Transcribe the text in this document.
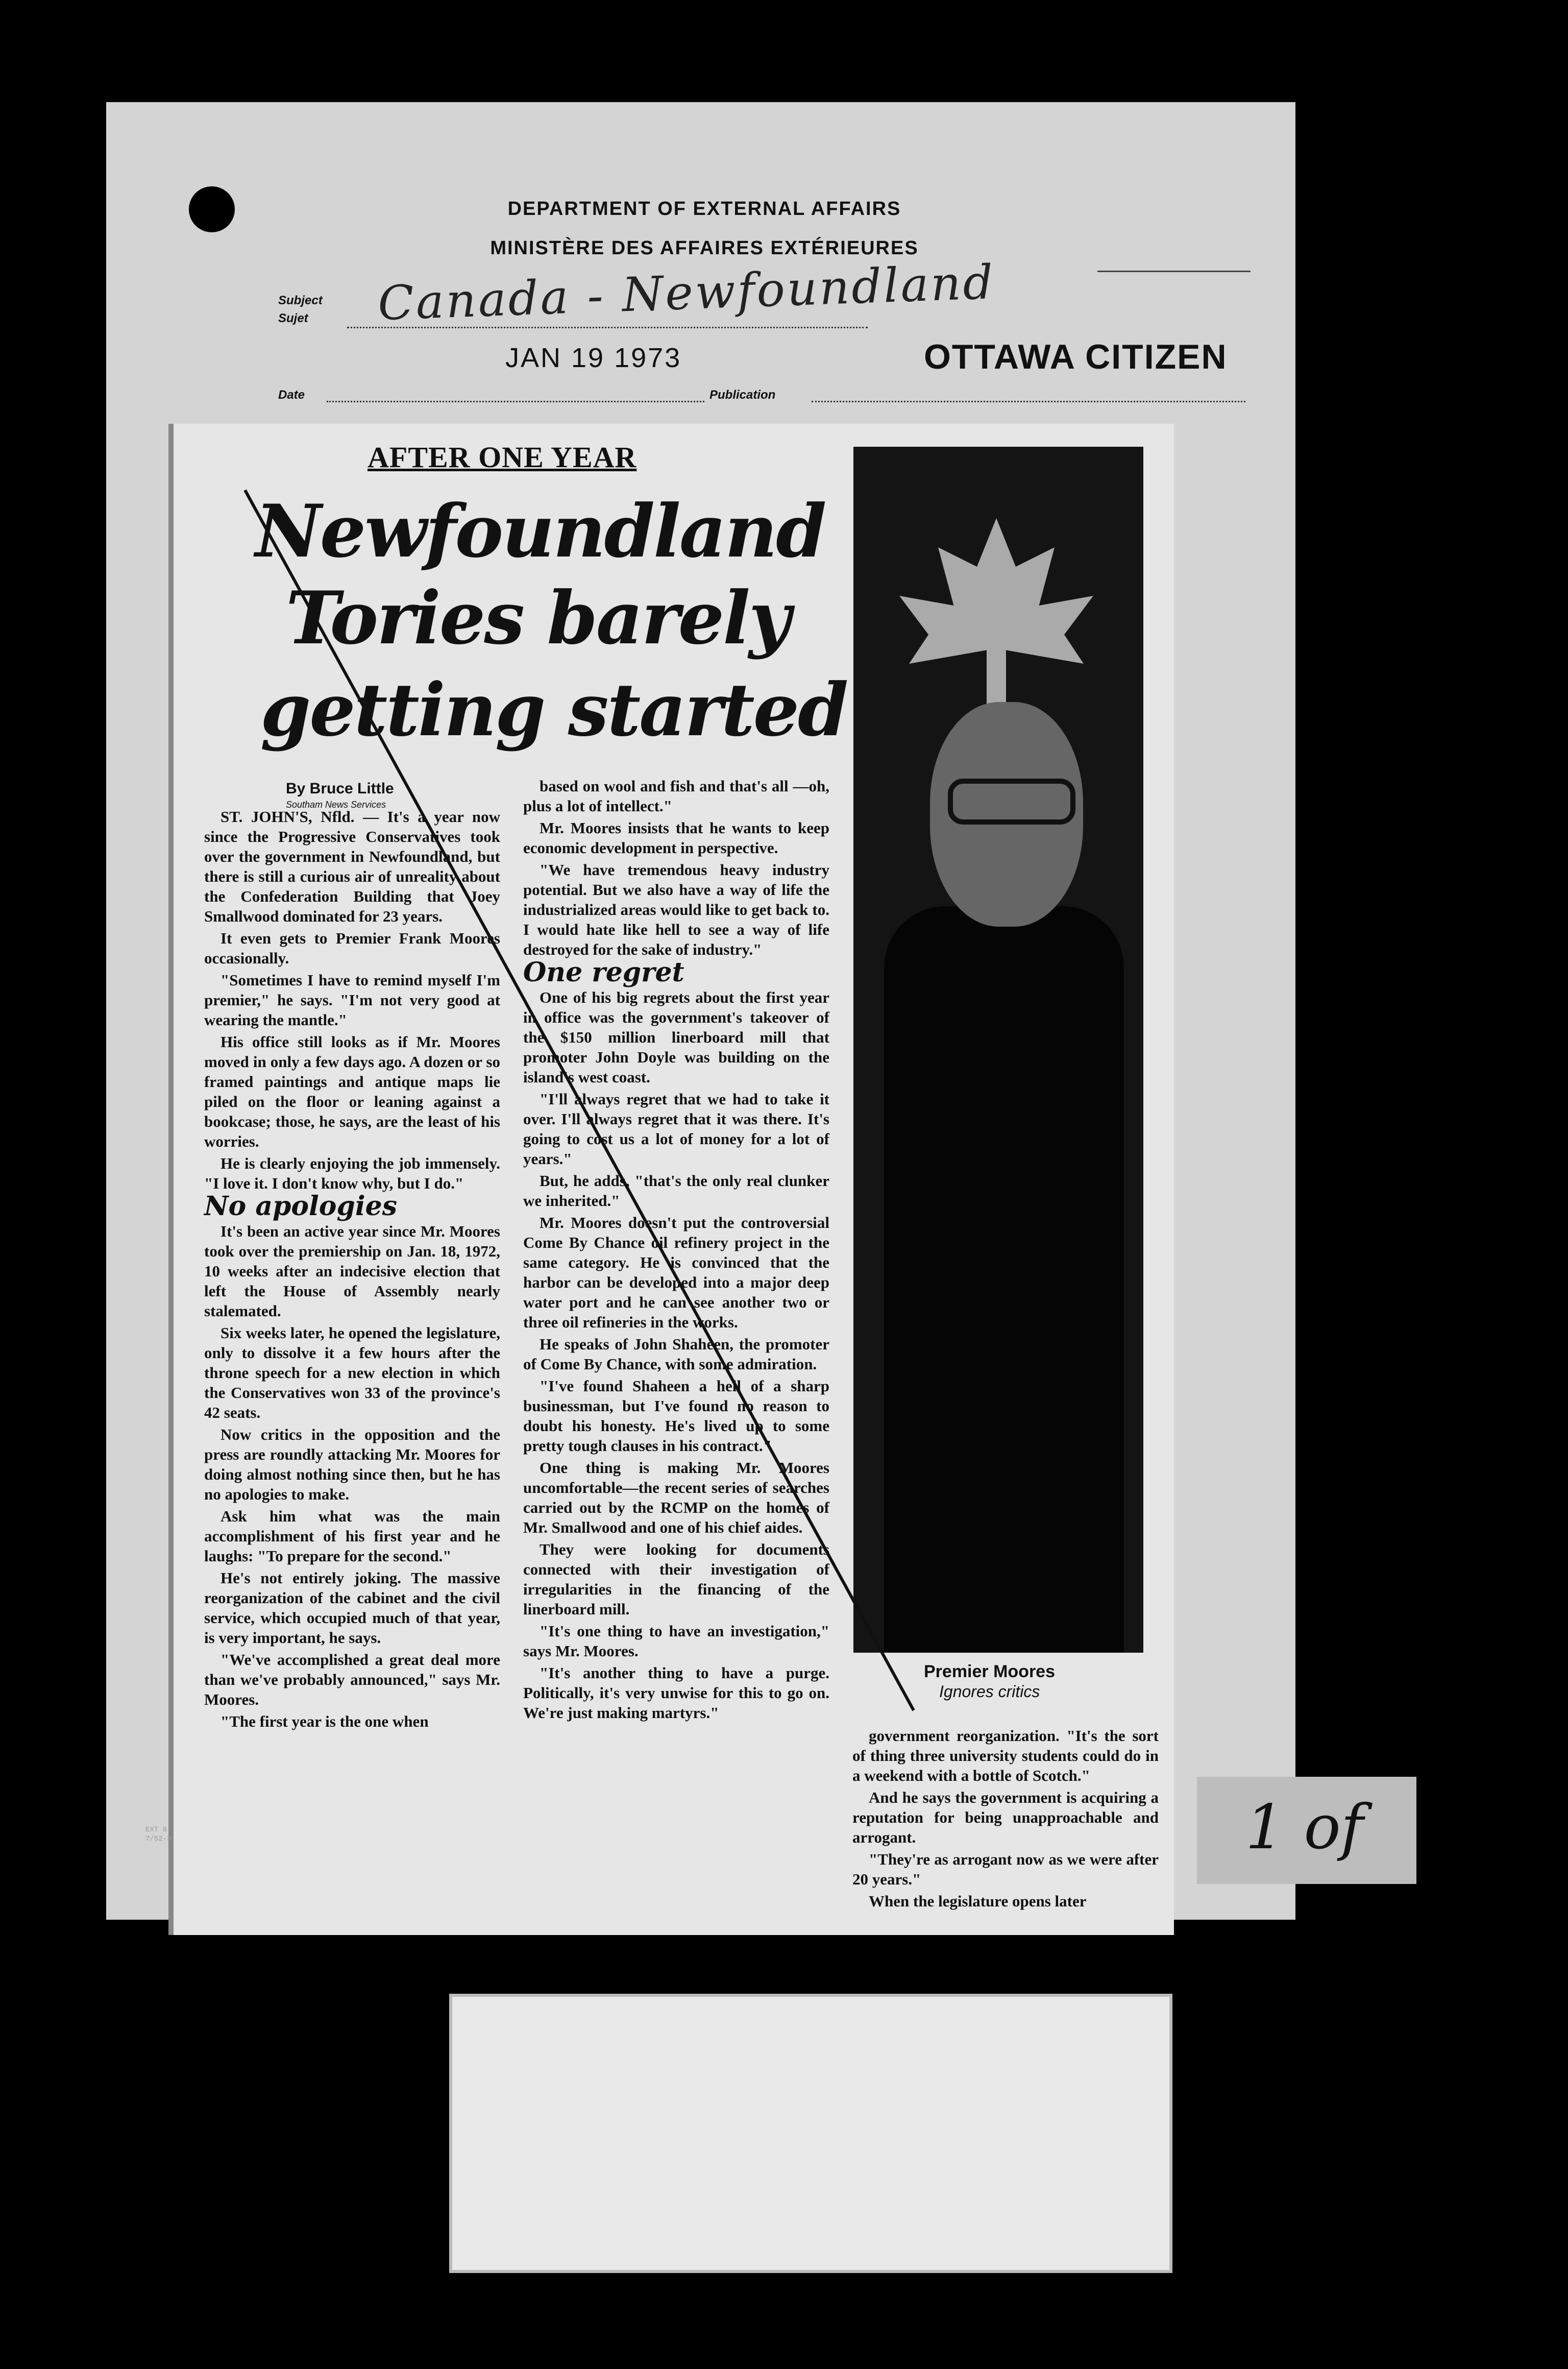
DEPARTMENT OF EXTERNAL AFFAIRS
MINISTÈRE DES AFFAIRES EXTÉRIEURES
Subject
Sujet Canada - Newfoundland
JAN 19 1973	OTTAWA CITIZEN
Date	Publication
AFTER ONE YEAR
Newfoundland
Tories barely
getting started
By Bruce Little
Southam News Services

ST. JOHN'S, Nfld. — It's a year now since the Progressive Conservatives took over the government in Newfoundland, but there is still a curious air of unreality about the Confederation Building that Joey Smallwood dominated for 23 years.

It even gets to Premier Frank Moores occasionally.

"Sometimes I have to remind myself I'm premier," he says. "I'm not very good at wearing the mantle."

His office still looks as if Mr. Moores moved in only a few days ago. A dozen or so framed paintings and antique maps lie piled on the floor or leaning against a bookcase; those, he says, are the least of his worries.

He is clearly enjoying the job immensely. "I love it. I don't know why, but I do."

No apologies

It's been an active year since Mr. Moores took over the premiership on Jan. 18, 1972, 10 weeks after an indecisive election that left the House of Assembly nearly stalemated.

Six weeks later, he opened the legislature, only to dissolve it a few hours after the throne speech for a new election in which the Conservatives won 33 of the province's 42 seats.

Now critics in the opposition and the press are roundly attacking Mr. Moores for doing almost nothing since then, but he has no apologies to make.

Ask him what was the main accomplishment of his first year and he laughs: "To prepare for the second."

He's not entirely joking. The massive reorganization of the cabinet and the civil service, which occupied much of that year, is very important, he says.

"We've accomplished a great deal more than we've probably announced," says Mr. Moores.

"The first year is the one when

based on wool and fish and that's all —oh, plus a lot of intellect."

Mr. Moores insists that he wants to keep economic development in perspective.

"We have tremendous heavy industry potential. But we also have a way of life the industrialized areas would like to get back to. I would hate like hell to see a way of life destroyed for the sake of industry."

One regret

One of his big regrets about the first year in office was the government's takeover of the $150 million linerboard mill that promoter John Doyle was building on the island's west coast.

"I'll always regret that we had to take it over. I'll always regret that it was there. It's going to cost us a lot of money for a lot of years."

But, he adds, "that's the only real clunker we inherited."

Mr. Moores doesn't put the controversial Come By Chance oil refinery project in the same category. He is convinced that the harbor can be developed into a major deep water port and he can see another two or three oil refineries in the works.

He speaks of John Shaheen, the promoter of Come By Chance, with some admiration.

"I've found Shaheen a hell of a sharp businessman, but I've found no reason to doubt his honesty. He's lived up to some pretty tough clauses in his contract."

One thing is making Mr. Moores uncomfortable—the recent series of searches carried out by the RCMP on the homes of Mr. Smallwood and one of his chief aides.

They were looking for documents connected with their investigation of irregularities in the financing of the linerboard mill.

"It's one thing to have an investigation," says Mr. Moores.

"It's another thing to have a purge. Politically, it's very unwise for this to go on. We're just making martyrs."

Premier Moores
Ignores critics

government reorganization. "It's the sort of thing three university students could do in a weekend with a bottle of Scotch."

And he says the government is acquiring a reputation for being unapproachable and arrogant.

"They're as arrogant now as we were after 20 years."

When the legislature opens later

1 of
EXT 8
7/52-3
